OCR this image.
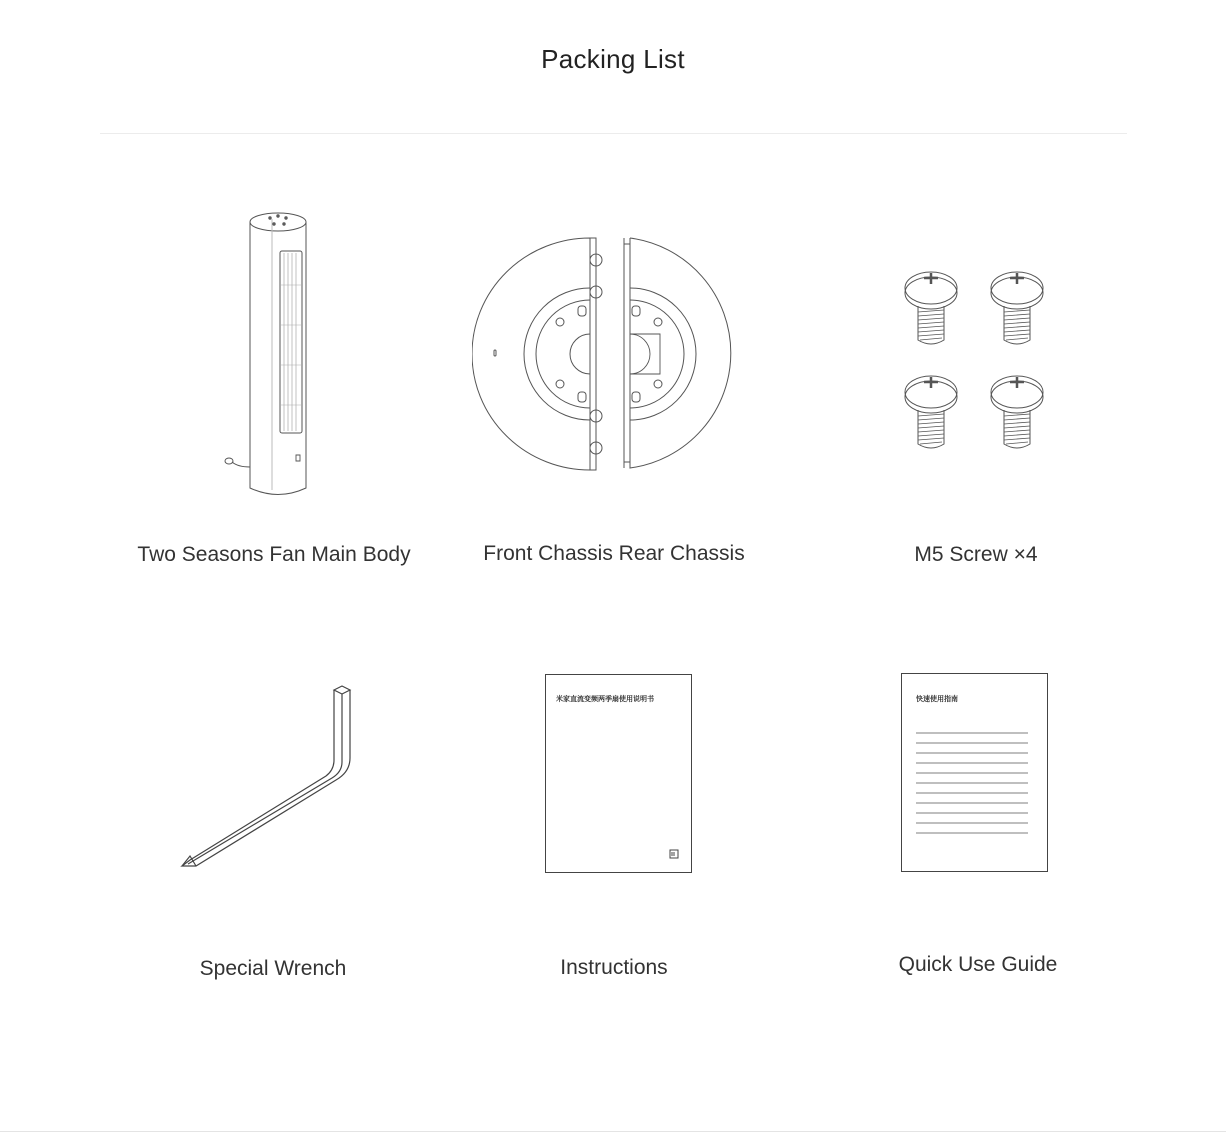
Packing List
Two Seasons Fan Main Body	Front Chassis Rear Chassis	M5 Screw ×4
Special Wrench
米家直流变频两季扇使用说明书
Instructions
快速使用指南
Quick Use Guide
